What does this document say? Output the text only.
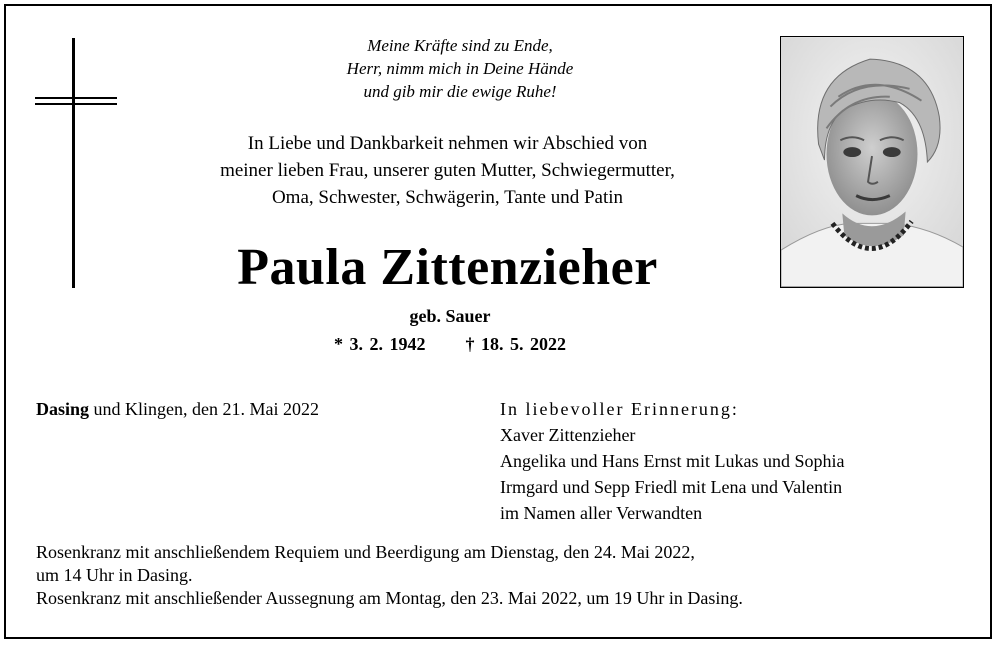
Meine Kräfte sind zu Ende,
Herr, nimm mich in Deine Hände
und gib mir die ewige Ruhe!
In Liebe und Dankbarkeit nehmen wir Abschied von
meiner lieben Frau, unserer guten Mutter, Schwiegermutter,
Oma, Schwester, Schwägerin, Tante und Patin
Paula Zittenzieher
geb. Sauer
* 3. 2. 1942 † 18. 5. 2022
Dasing und Klingen, den 21. Mai 2022	In liebevoller Erinnerung:
Xaver Zittenzieher
Angelika und Hans Ernst mit Lukas und Sophia
Irmgard und Sepp Friedl mit Lena und Valentin
im Namen aller Verwandten
Rosenkranz mit anschließendem Requiem und Beerdigung am Dienstag, den 24. Mai 2022,
um 14 Uhr in Dasing.
Rosenkranz mit anschließender Aussegnung am Montag, den 23. Mai 2022, um 19 Uhr in Dasing.
